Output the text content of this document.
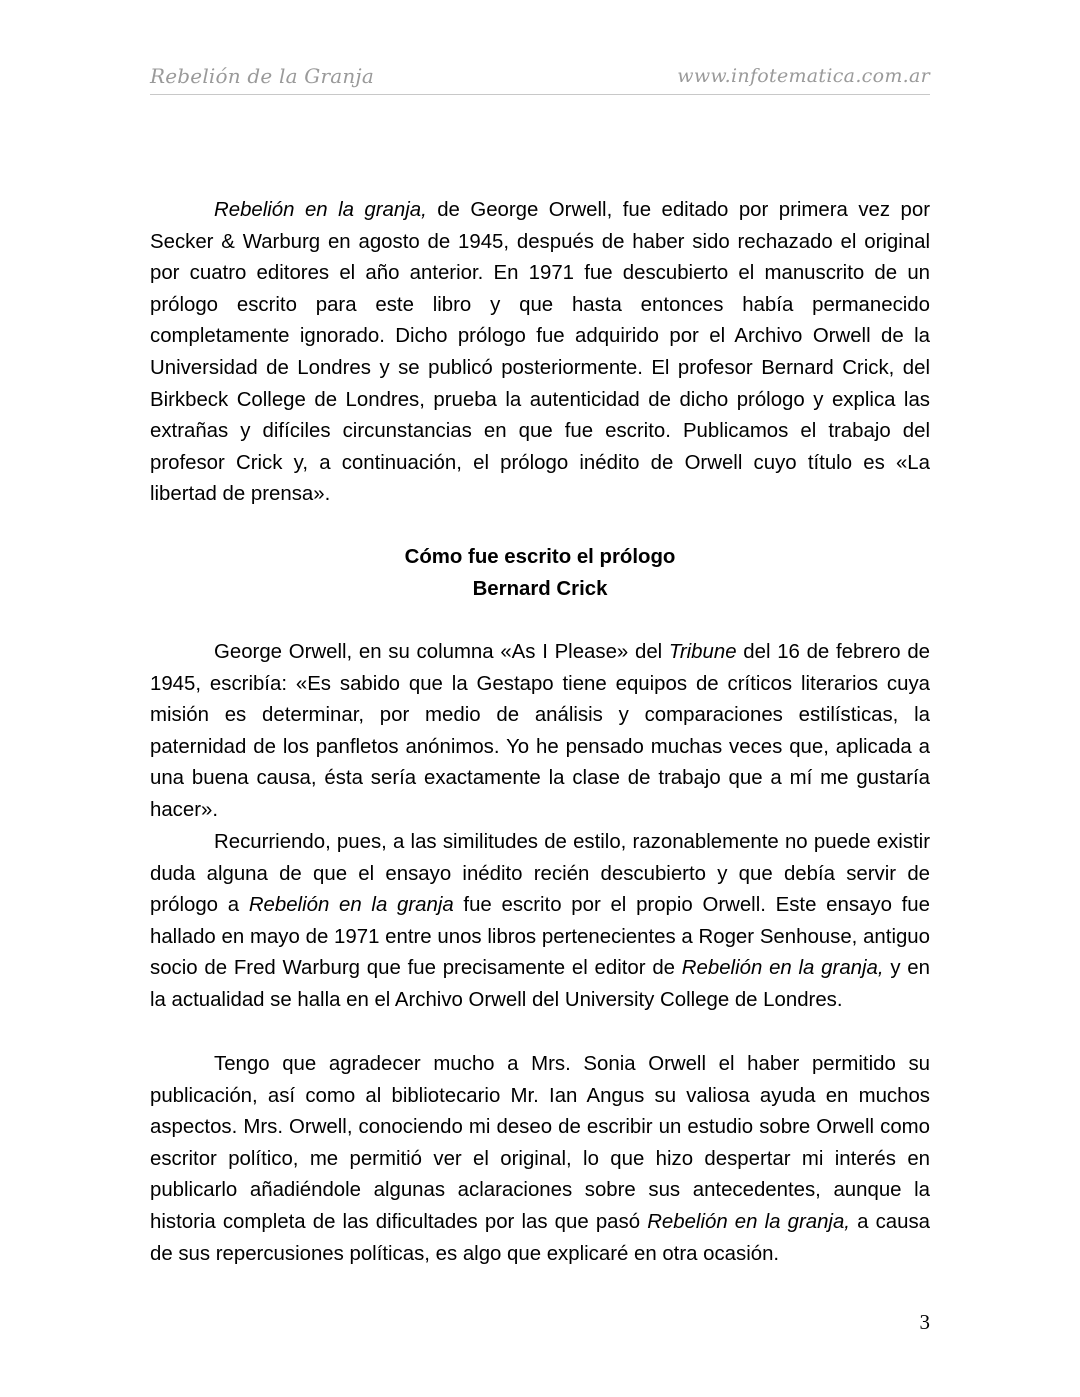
Rebelión de la Granja	www.infotematica.com.ar

Rebelión en la granja, de George Orwell, fue editado por primera vez por Secker & Warburg en agosto de 1945, después de haber sido rechazado el original por cuatro editores el año anterior. En 1971 fue descubierto el manuscrito de un prólogo escrito para este libro y que hasta entonces había permanecido completamente ignorado. Dicho prólogo fue adquirido por el Archivo Orwell de la Universidad de Londres y se publicó posteriormente. El profesor Bernard Crick, del Birkbeck College de Londres, prueba la autenticidad de dicho prólogo y explica las extrañas y difíciles circunstancias en que fue escrito. Publicamos el trabajo del profesor Crick y, a continuación, el prólogo inédito de Orwell cuyo título es «La libertad de prensa».

Cómo fue escrito el prólogo

Bernard Crick

George Orwell, en su columna «As I Please» del Tribune del 16 de febrero de 1945, escribía: «Es sabido que la Gestapo tiene equipos de críticos literarios cuya misión es determinar, por medio de análisis y comparaciones estilísticas, la paternidad de los panfletos anónimos. Yo he pensado muchas veces que, aplicada a una buena causa, ésta sería exactamente la clase de trabajo que a mí me gustaría hacer».

Recurriendo, pues, a las similitudes de estilo, razonablemente no puede existir duda alguna de que el ensayo inédito recién descubierto y que debía servir de prólogo a Rebelión en la granja fue escrito por el propio Orwell. Este ensayo fue hallado en mayo de 1971 entre unos libros pertenecientes a Roger Senhouse, antiguo socio de Fred Warburg que fue precisamente el editor de Rebelión en la granja, y en la actualidad se halla en el Archivo Orwell del University College de Londres.

Tengo que agradecer mucho a Mrs. Sonia Orwell el haber permitido su publicación, así como al bibliotecario Mr. Ian Angus su valiosa ayuda en muchos aspectos. Mrs. Orwell, conociendo mi deseo de escribir un estudio sobre Orwell como escritor político, me permitió ver el original, lo que hizo despertar mi interés en publicarlo añadiéndole algunas aclaraciones sobre sus antecedentes, aunque la historia completa de las dificultades por las que pasó Rebelión en la granja, a causa de sus repercusiones políticas, es algo que explicaré en otra ocasión.

3
